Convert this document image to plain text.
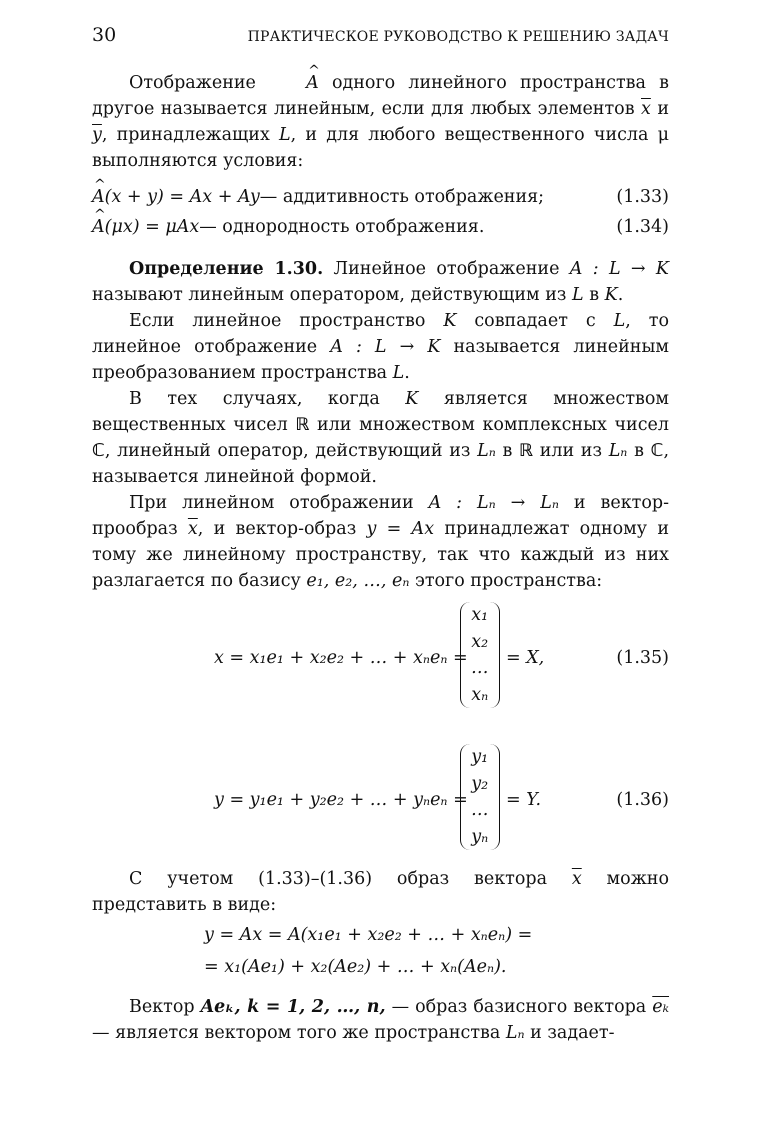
30	ПРАКТИЧЕСКОЕ РУКОВОДСТВО К РЕШЕНИЮ ЗАДАЧ

Отображение ^ A одного линейного пространства в другое называется линейным, если для любых элементов $\overline{x}$ и $\overline{y}$, принадлежащих L, и для любого вещественного числа μ выполняются условия:

^ A(x + y) = Ax + Ay — аддитивность отображения;	(1.33)
^ A(μx) = μAx — однородность отображения.	(1.34)

Определение 1.30. Линейное отображение A : L → K называют линейным оператором, действующим из L в K.

Если линейное пространство K совпадает с L, то линейное отображение A : L → K называется линейным преобразованием пространства L.

В тех случаях, когда K является множеством вещественных чисел ℝ или множеством комплексных чисел ℂ, линейный оператор, действующий из Lₙ в ℝ или из Lₙ в ℂ, называется линейной формой.

При линейном отображении A : Lₙ → Lₙ и вектор-прообраз $\overline{x}$, и вектор-образ y = Ax принадлежат одному и тому же линейному пространству, так что каждый из них разлагается по базису e₁, e₂, …, eₙ этого пространства:

x = x₁e₁ + x₂e₂ + … + xₙeₙ =
x₁
x₂
…
xₙ
= X,	(1.35)
y = y₁e₁ + y₂e₂ + … + yₙeₙ =
y₁
y₂
…
yₙ
= Y.	(1.36)

С учетом (1.33)–(1.36) образ вектора $\overline{x}$ можно представить в виде:

y = Ax = A(x₁e₁ + x₂e₂ + … + xₙeₙ) =
= x₁(Ae₁) + x₂(Ae₂) + … + xₙ(Aeₙ).

Вектор Aeₖ, k = 1, 2, …, n, — образ базисного вектора $\overline{e_k}$ — является вектором того же пространства Lₙ и задает-
